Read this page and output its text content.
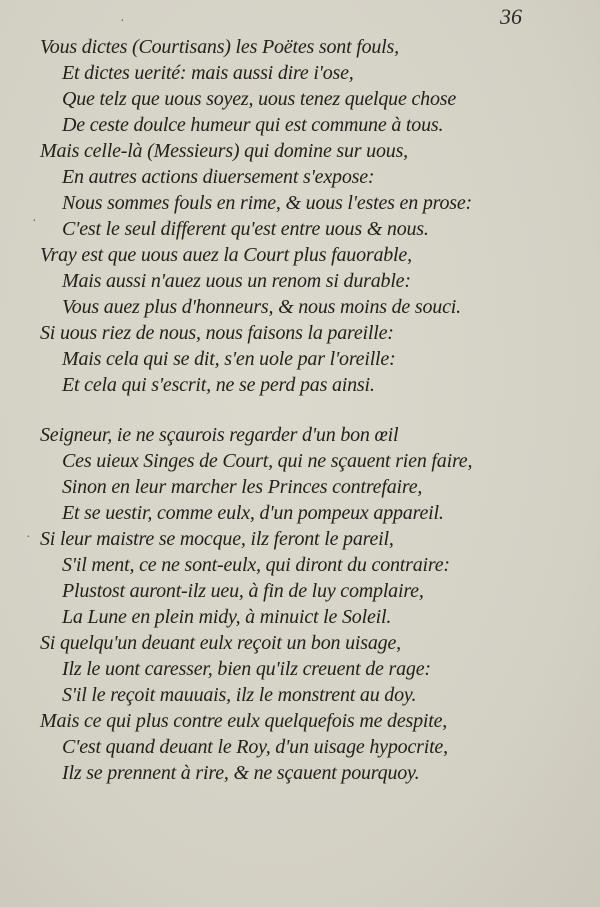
36
·
·
·
Vous dictes (Courtisans) les Poëtes sont fouls,
Et dictes uerité: mais aussi dire i'ose,
Que telz que uous soyez, uous tenez quelque chose
De ceste doulce humeur qui est commune à tous.
Mais celle-là (Messieurs) qui domine sur uous,
En autres actions diuersement s'expose:
Nous sommes fouls en rime, & uous l'estes en prose:
C'est le seul different qu'est entre uous & nous.
Vray est que uous auez la Court plus fauorable,
Mais aussi n'auez uous un renom si durable:
Vous auez plus d'honneurs, & nous moins de souci.
Si uous riez de nous, nous faisons la pareille:
Mais cela qui se dit, s'en uole par l'oreille:
Et cela qui s'escrit, ne se perd pas ainsi.
Seigneur, ie ne sçaurois regarder d'un bon œil
Ces uieux Singes de Court, qui ne sçauent rien faire,
Sinon en leur marcher les Princes contrefaire,
Et se uestir, comme eulx, d'un pompeux appareil.
Si leur maistre se mocque, ilz feront le pareil,
S'il ment, ce ne sont-eulx, qui diront du contraire:
Plustost auront-ilz ueu, à fin de luy complaire,
La Lune en plein midy, à minuict le Soleil.
Si quelqu'un deuant eulx reçoit un bon uisage,
Ilz le uont caresser, bien qu'ilz creuent de rage:
S'il le reçoit mauuais, ilz le monstrent au doy.
Mais ce qui plus contre eulx quelquefois me despite,
C'est quand deuant le Roy, d'un uisage hypocrite,
Ilz se prennent à rire, & ne sçauent pourquoy.
